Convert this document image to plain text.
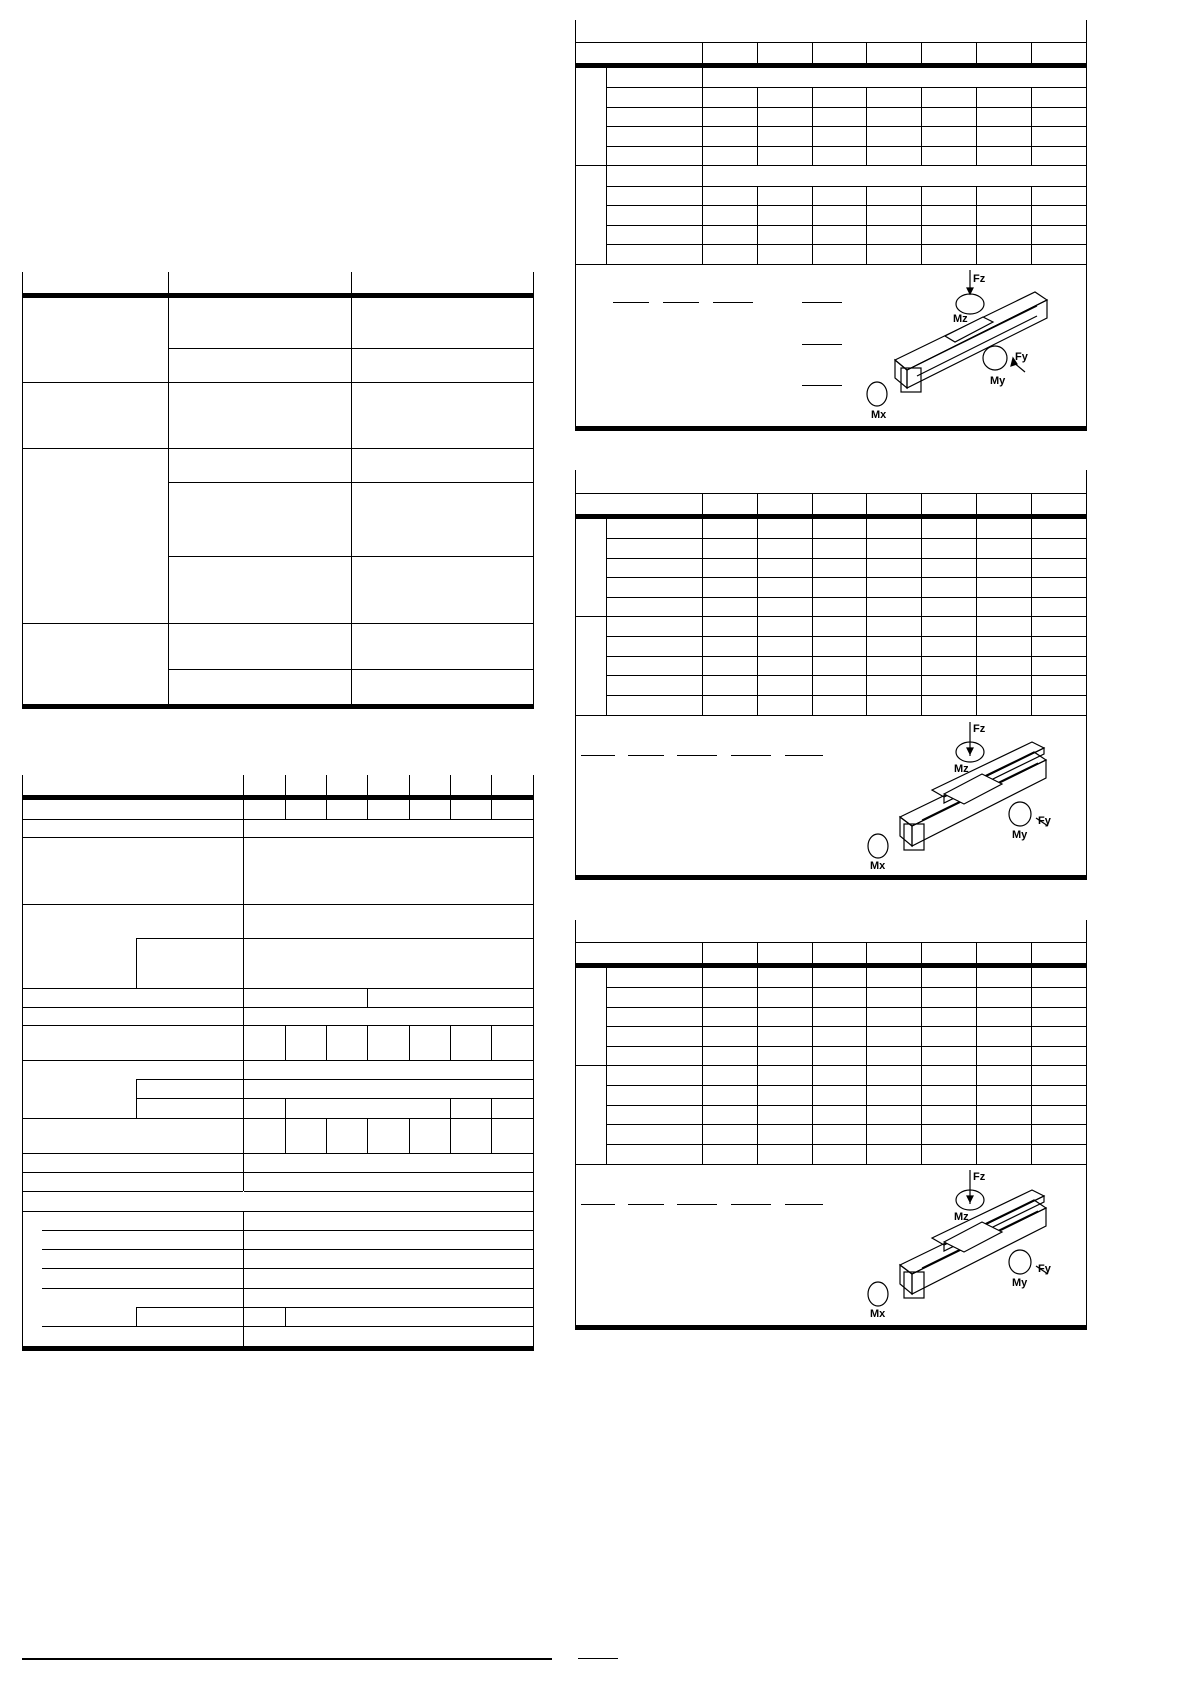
Fz
Fy
My
Mz
Mx
Fz
Fy
My
Mz
Mx
Fz
Fy
My
Mz
Mx
